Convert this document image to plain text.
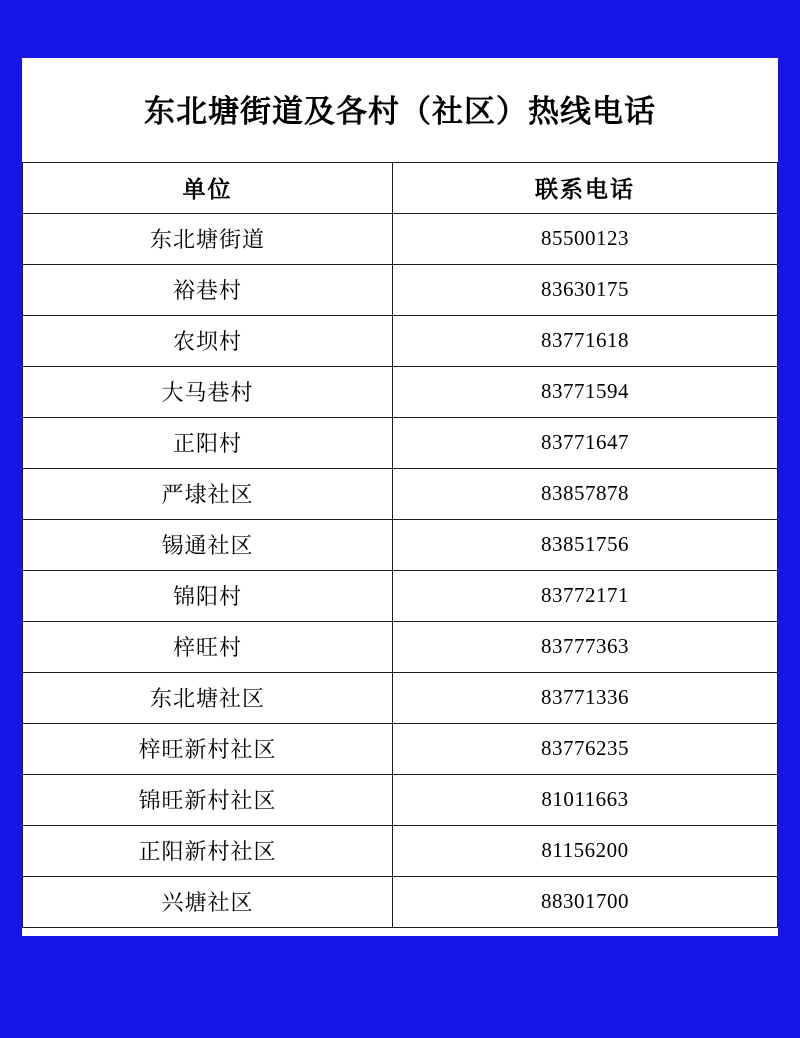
东北塘街道及各村（社区）热线电话
单位	联系电话
东北塘街道	85500123
裕巷村	83630175
农坝村	83771618
大马巷村	83771594
正阳村	83771647
严埭社区	83857878
锡通社区	83851756
锦阳村	83772171
梓旺村	83777363
东北塘社区	83771336
梓旺新村社区	83776235
锦旺新村社区	81011663
正阳新村社区	81156200
兴塘社区	88301700
